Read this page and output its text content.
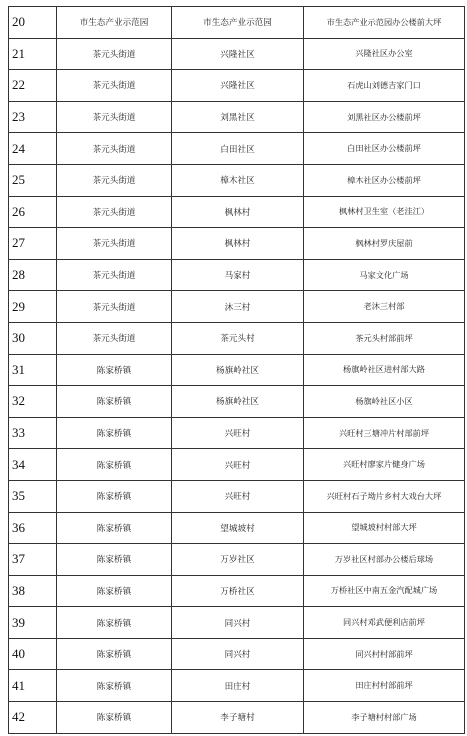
20	市生态产业示范园	市生态产业示范园	市生态产业示范园办公楼前大坪
21	茶元头街道	兴隆社区	兴隆社区办公室
22	茶元头街道	兴隆社区	石虎山刘德吉家门口
23	茶元头街道	刘黑社区	刘黑社区办公楼前坪
24	茶元头街道	白田社区	白田社区办公楼前坪
25	茶元头街道	樟木社区	樟木社区办公楼前坪
26	茶元头街道	枫林村	枫林村卫生室（老洼江）
27	茶元头街道	枫林村	枫林村罗庆屋前
28	茶元头街道	马家村	马家文化广场
29	茶元头街道	沐三村	老沐三村部
30	茶元头街道	茶元头村	茶元头村部前坪
31	陈家桥镇	杨旗岭社区	杨旗岭社区进村部大路
32	陈家桥镇	杨旗岭社区	杨旗岭社区小区
33	陈家桥镇	兴旺村	兴旺村三塘冲片村部前坪
34	陈家桥镇	兴旺村	兴旺村廖家片健身广场
35	陈家桥镇	兴旺村	兴旺村石子坳片乡村大戏台大坪
36	陈家桥镇	望城坡村	望城坡村村部大坪
37	陈家桥镇	万岁社区	万岁社区村部办公楼后球场
38	陈家桥镇	万桥社区	万桥社区中南五金汽配城广场
39	陈家桥镇	同兴村	同兴村邓武便利店前坪
40	陈家桥镇	同兴村	同兴村村部前坪
41	陈家桥镇	田庄村	田庄村村部前坪
42	陈家桥镇	李子塘村	李子塘村村部广场
